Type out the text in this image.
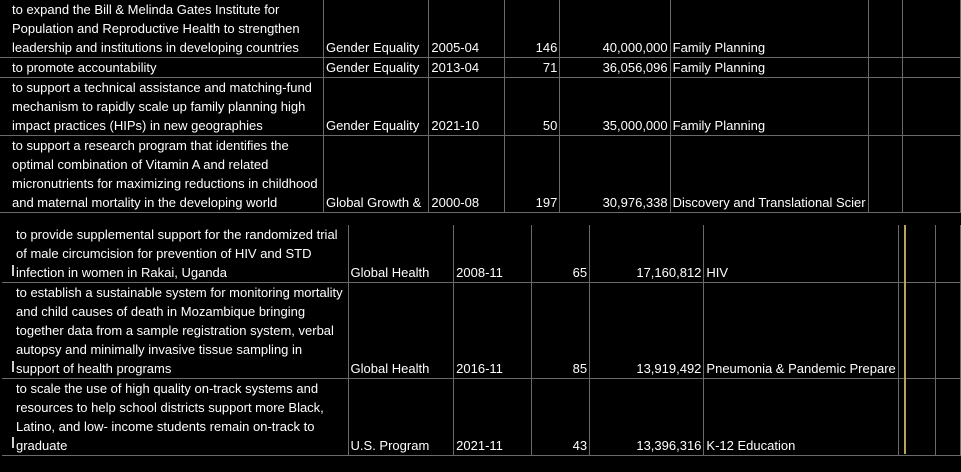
to expand the Bill & Melinda Gates Institute for Population and Reproductive Health to strengthen leadership and institutions in developing countries	Gender Equality	2005-04	146	40,000,000	Family Planning		
to promote accountability	Gender Equality	2013-04	71	36,056,096	Family Planning		
to support a technical assistance and matching-fund mechanism to rapidly scale up family planning high impact practices (HIPs) in new geographies	Gender Equality	2021-10	50	35,000,000	Family Planning		
to support a research program that identifies the optimal combination of Vitamin A and related micronutrients for maximizing reductions in childhood and maternal mortality in the developing world	Global Growth &	2000-08	197	30,976,338	Discovery and Translational Scier		
to provide supplemental support for the randomized trial of male circumcision for prevention of HIV and STD infection in women in Rakai, Uganda	Global Health	2008-11	65	17,160,812	HIV		
to establish a sustainable system for monitoring mortality and child causes of death in Mozambique bringing together data from a sample registration system, verbal autopsy and minimally invasive tissue sampling in support of health programs	Global Health	2016-11	85	13,919,492	Pneumonia & Pandemic Prepare		
to scale the use of high quality on-track systems and resources to help school districts support more Black, Latino, and low- income students remain on-track to graduate	U.S. Program	2021-11	43	13,396,316	K-12 Education		
